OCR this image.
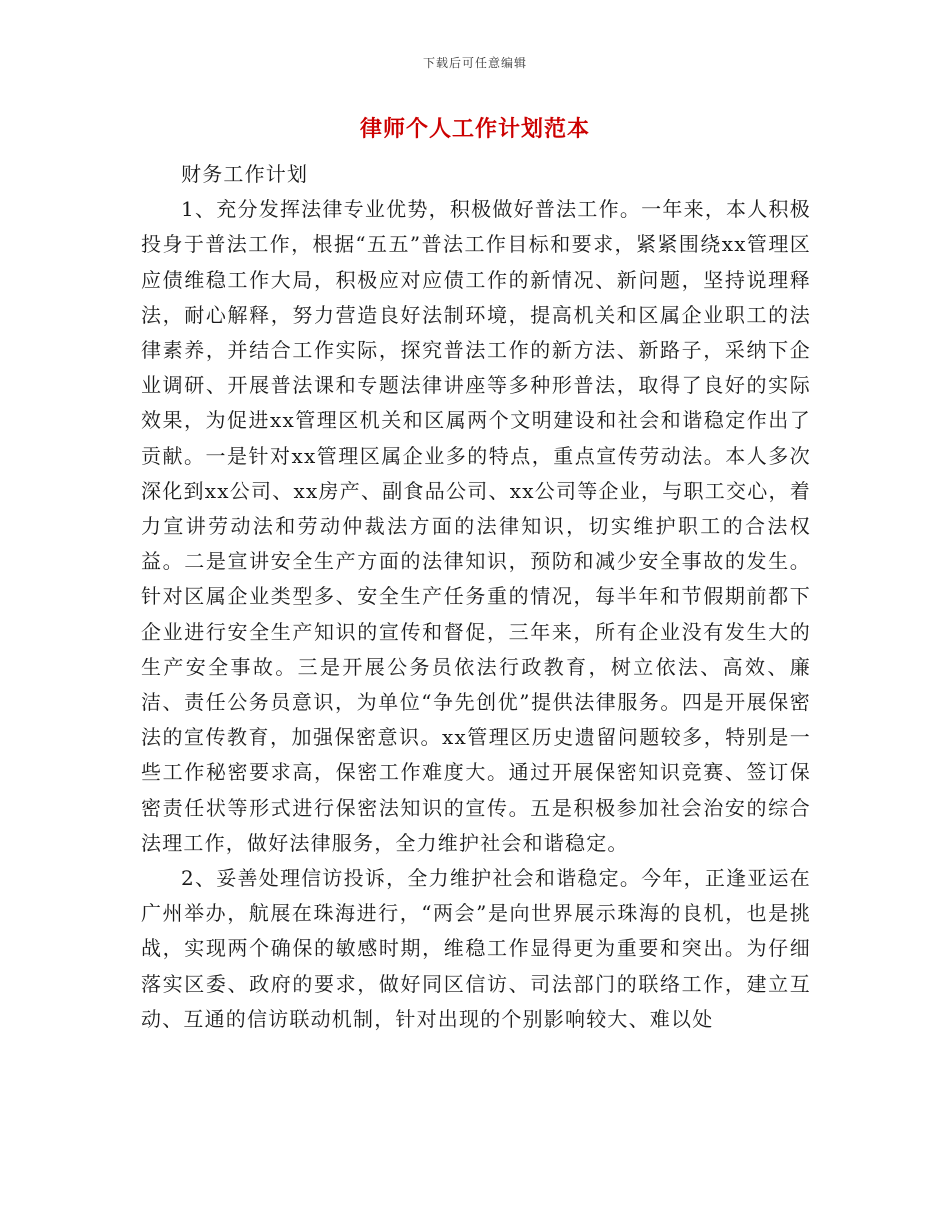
下载后可任意编辑
律师个人工作计划范本

财务工作计划

1、充分发挥法律专业优势，积极做好普法工作。一年来，本人积极投身于普法工作，根据“五五”普法工作目标和要求，紧紧围绕xx管理区应债维稳工作大局，积极应对应债工作的新情况、新问题，坚持说理释法，耐心解释，努力营造良好法制环境，提高机关和区属企业职工的法律素养，并结合工作实际，探究普法工作的新方法、新路子，采纳下企业调研、开展普法课和专题法律讲座等多种形普法，取得了良好的实际效果，为促进xx管理区机关和区属两个文明建设和社会和谐稳定作出了贡献。一是针对xx管理区属企业多的特点，重点宣传劳动法。本人多次深化到xx公司、xx房产、副食品公司、xx公司等企业，与职工交心，着力宣讲劳动法和劳动仲裁法方面的法律知识，切实维护职工的合法权益。二是宣讲安全生产方面的法律知识，预防和减少安全事故的发生。针对区属企业类型多、安全生产任务重的情况，每半年和节假期前都下企业进行安全生产知识的宣传和督促，三年来，所有企业没有发生大的生产安全事故。三是开展公务员依法行政教育，树立依法、高效、廉洁、责任公务员意识，为单位“争先创优”提供法律服务。四是开展保密法的宣传教育，加强保密意识。xx管理区历史遗留问题较多，特别是一些工作秘密要求高，保密工作难度大。通过开展保密知识竞赛、签订保密责任状等形式进行保密法知识的宣传。五是积极参加社会治安的综合法理工作，做好法律服务，全力维护社会和谐稳定。

2、妥善处理信访投诉，全力维护社会和谐稳定。今年，正逢亚运在广州举办，航展在珠海进行，“两会”是向世界展示珠海的良机，也是挑战，实现两个确保的敏感时期，维稳工作显得更为重要和突出。为仔细落实区委、政府的要求，做好同区信访、司法部门的联络工作，建立互动、互通的信访联动机制，针对出现的个别影响较大、难以处
